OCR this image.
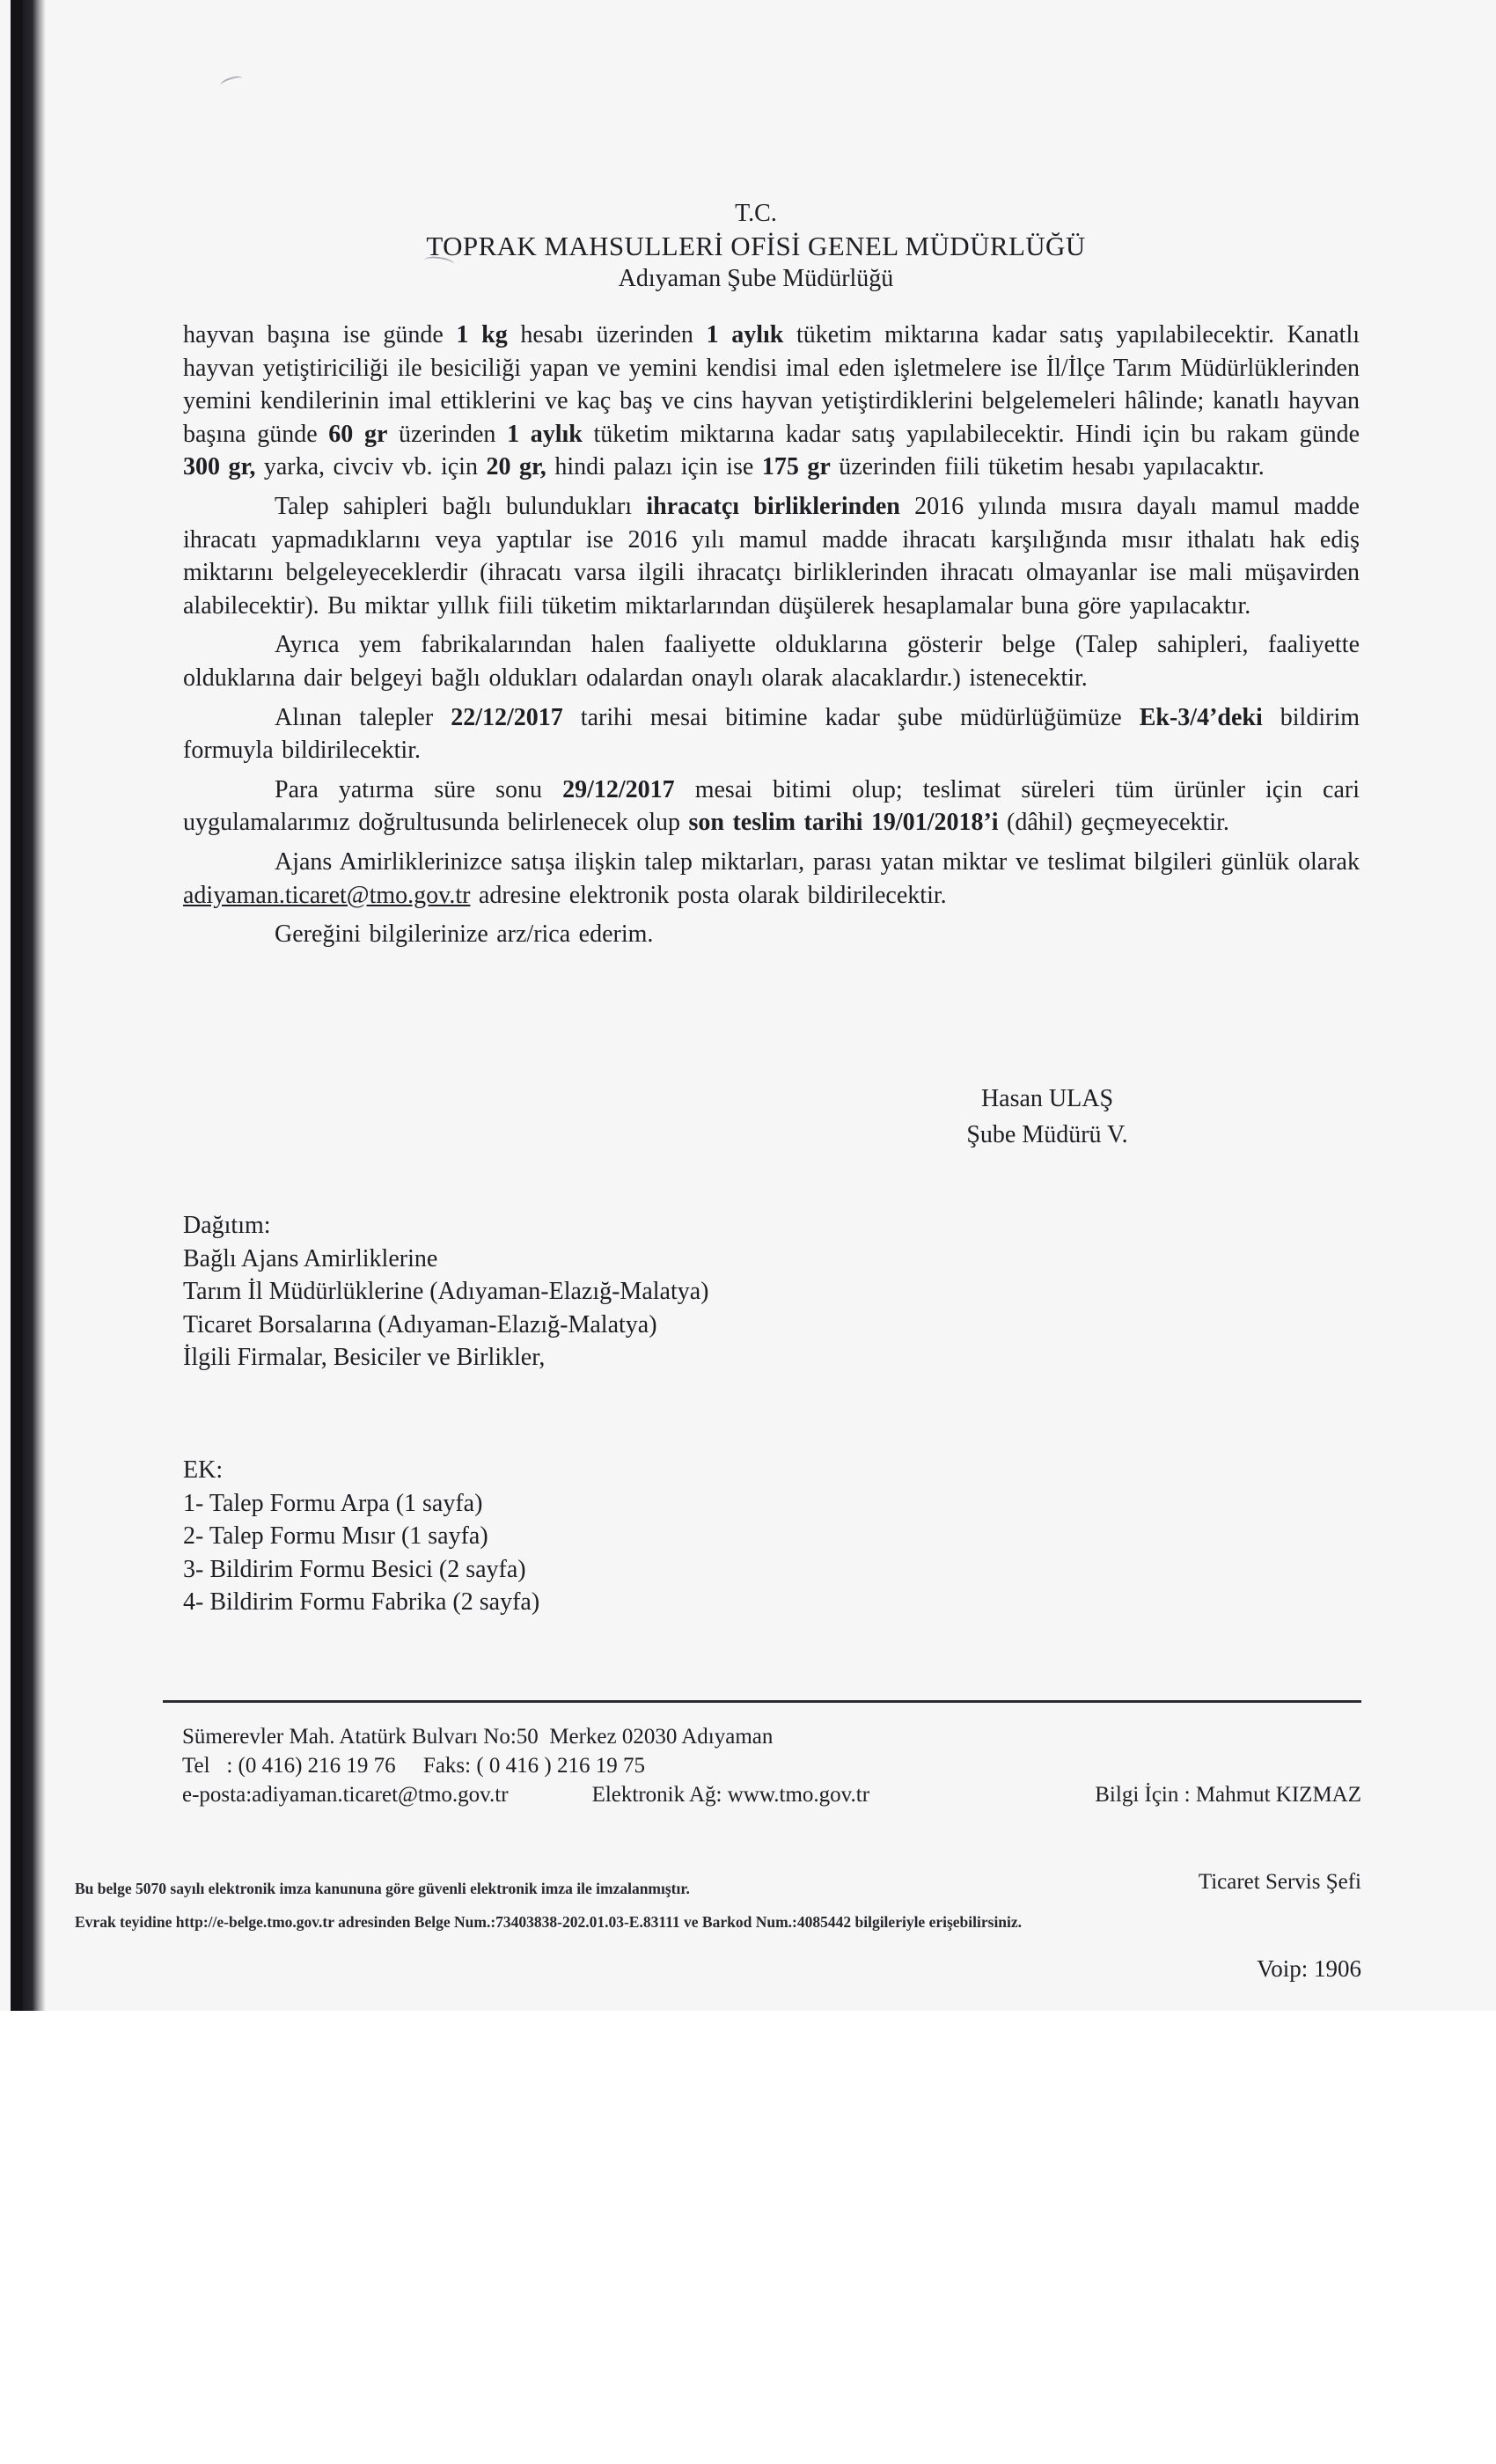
T.C.
TOPRAK MAHSULLERİ OFİSİ GENEL MÜDÜRLÜĞÜ
Adıyaman Şube Müdürlüğü

hayvan başına ise günde 1 kg hesabı üzerinden 1 aylık tüketim miktarına kadar satış yapılabilecektir. Kanatlı hayvan yetiştiriciliği ile besiciliği yapan ve yemini kendisi imal eden işletmelere ise İl/İlçe Tarım Müdürlüklerinden yemini kendilerinin imal ettiklerini ve kaç baş ve cins hayvan yetiştirdiklerini belgelemeleri hâlinde; kanatlı hayvan başına günde 60 gr üzerinden 1 aylık tüketim miktarına kadar satış yapılabilecektir. Hindi için bu rakam günde 300 gr, yarka, civciv vb. için 20 gr, hindi palazı için ise 175 gr üzerinden fiili tüketim hesabı yapılacaktır.

Talep sahipleri bağlı bulundukları ihracatçı birliklerinden 2016 yılında mısıra dayalı mamul madde ihracatı yapmadıklarını veya yaptılar ise 2016 yılı mamul madde ihracatı karşılığında mısır ithalatı hak ediş miktarını belgeleyeceklerdir (ihracatı varsa ilgili ihracatçı birliklerinden ihracatı olmayanlar ise mali müşavirden alabilecektir). Bu miktar yıllık fiili tüketim miktarlarından düşülerek hesaplamalar buna göre yapılacaktır.

Ayrıca yem fabrikalarından halen faaliyette olduklarına gösterir belge (Talep sahipleri, faaliyette olduklarına dair belgeyi bağlı oldukları odalardan onaylı olarak alacaklardır.) istenecektir.

Alınan talepler 22/12/2017 tarihi mesai bitimine kadar şube müdürlüğümüze Ek-3/4’deki bildirim formuyla bildirilecektir.

Para yatırma süre sonu 29/12/2017 mesai bitimi olup; teslimat süreleri tüm ürünler için cari uygulamalarımız doğrultusunda belirlenecek olup son teslim tarihi 19/01/2018’i (dâhil) geçmeyecektir.

Ajans Amirliklerinizce satışa ilişkin talep miktarları, parası yatan miktar ve teslimat bilgileri günlük olarak adiyaman.ticaret@tmo.gov.tr adresine elektronik posta olarak bildirilecektir.

Gereğini bilgilerinize arz/rica ederim.

Hasan ULAŞ
Şube Müdürü V.
Dağıtım:
Bağlı Ajans Amirliklerine
Tarım İl Müdürlüklerine (Adıyaman-Elazığ-Malatya)
Ticaret Borsalarına (Adıyaman-Elazığ-Malatya)
İlgili Firmalar, Besiciler ve Birlikler,
EK:
1- Talep Formu Arpa (1 sayfa)
2- Talep Formu Mısır (1 sayfa)
3- Bildirim Formu Besici (2 sayfa)
4- Bildirim Formu Fabrika (2 sayfa)
Sümerevler Mah. Atatürk Bulvarı No:50  Merkez 02030 Adıyaman
Tel   : (0 416) 216 19 76     Faks: ( 0 416 ) 216 19 75
e-posta:adiyaman.ticaret@tmo.gov.tr	Elektronik Ağ: www.tmo.gov.tr

	Bilgi İçin : Mahmut KIZMAZ

Ticaret Servis Şefi

Voip: 1906

Bu belge 5070 sayılı elektronik imza kanununa göre güvenli elektronik imza ile imzalanmıştır.
Evrak teyidine http://e-belge.tmo.gov.tr adresinden Belge Num.:73403838-202.01.03-E.83111 ve Barkod Num.:4085442 bilgileriyle erişebilirsiniz.
